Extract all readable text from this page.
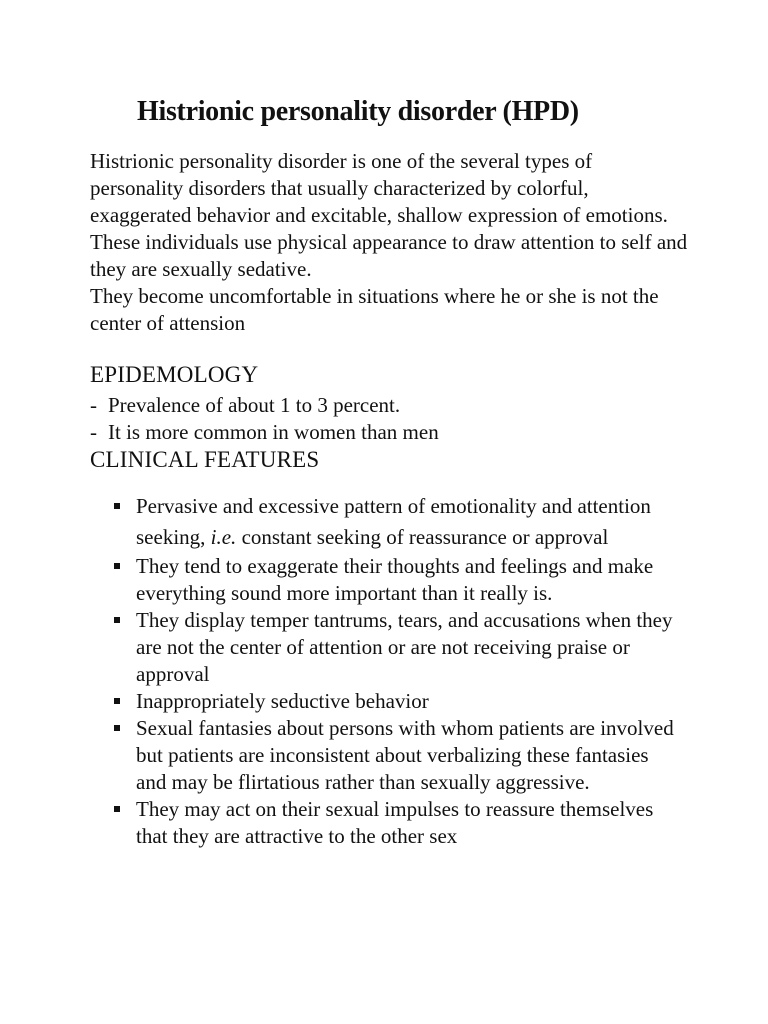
Histrionic personality disorder (HPD)

Histrionic personality disorder is one of the several types of personality disorders that usually characterized by colorful, exaggerated behavior and excitable, shallow expression of emotions.

These individuals use physical appearance to draw attention to self and they are sexually sedative.

They become uncomfortable in situations where he or she is not the center of attension

EPIDEMOLOGY
- Prevalence of about 1 to 3 percent.
- It is more common in women than men
CLINICAL FEATURES
Pervasive and excessive pattern of emotionality and attention seeking, i.e. constant seeking of reassurance or approval
They tend to exaggerate their thoughts and feelings and make everything sound more important than it really is.
They display temper tantrums, tears, and accusations when they are not the center of attention or are not receiving praise or approval
Inappropriately seductive behavior
Sexual fantasies about persons with whom patients are involved but patients are inconsistent about verbalizing these fantasies and may be flirtatious rather than sexually aggressive.
They may act on their sexual impulses to reassure themselves that they are attractive to the other sex
